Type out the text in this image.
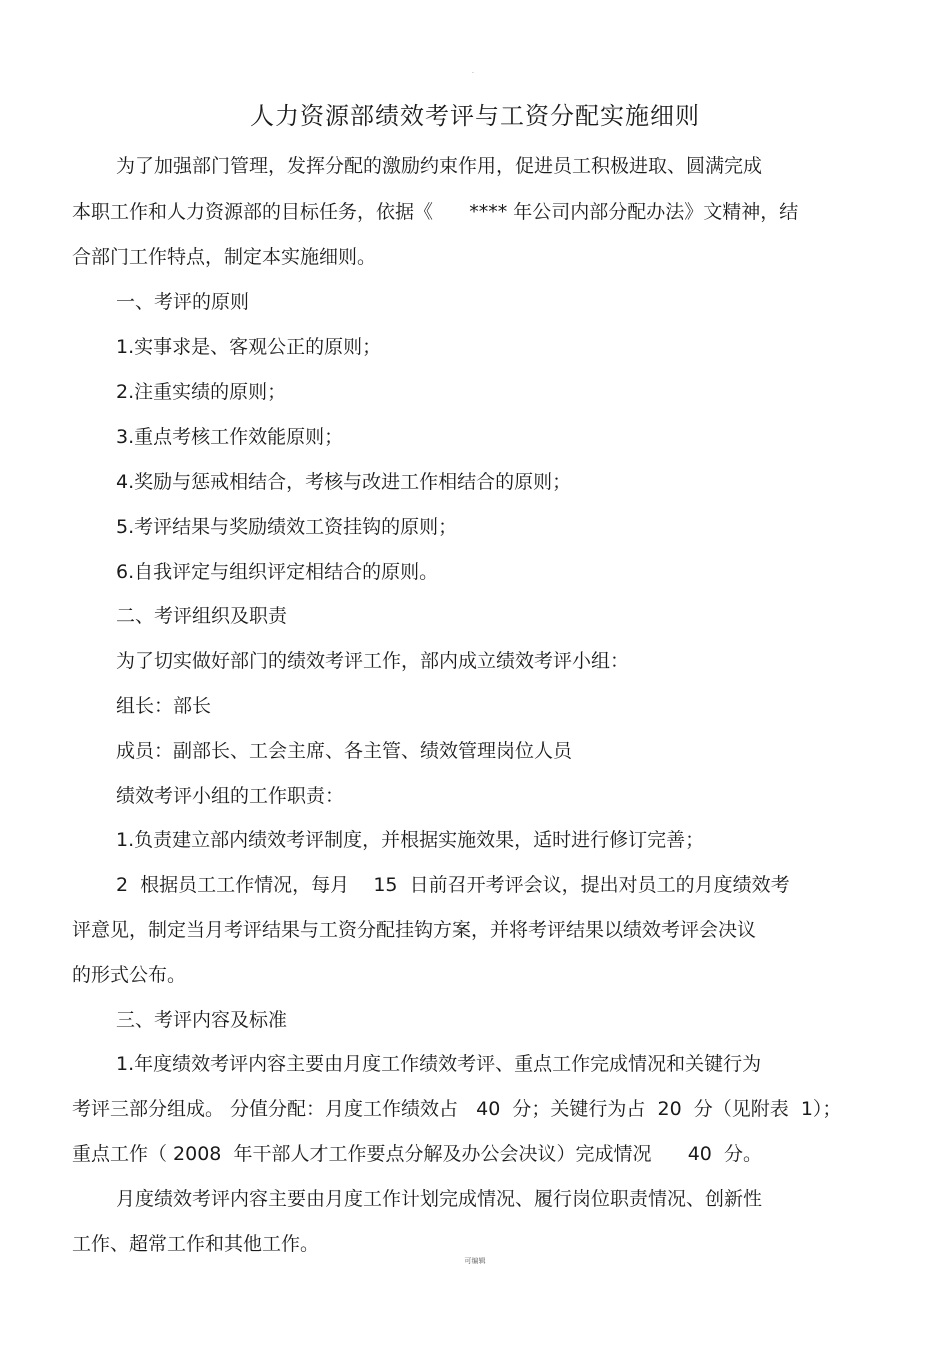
.
人力资源部绩效考评与工资分配实施细则
为了加强部门管理，发挥分配的激励约束作用，促进员工积极进取、圆满完成
本职工作和人力资源部的目标任务，依据《      **** 年公司内部分配办法》文精神，结
合部门工作特点，制定本实施细则。
一、考评的原则
1.实事求是、客观公正的原则；
2.注重实绩的原则；
3.重点考核工作效能原则；
4.奖励与惩戒相结合，考核与改进工作相结合的原则；
5.考评结果与奖励绩效工资挂钩的原则；
6.自我评定与组织评定相结合的原则。
二、考评组织及职责
为了切实做好部门的绩效考评工作，部内成立绩效考评小组：
组长：部长
成员：副部长、工会主席、各主管、绩效管理岗位人员
绩效考评小组的工作职责：
1.负责建立部内绩效考评制度，并根据实施效果，适时进行修订完善；
2  根据员工工作情况，每月    15  日前召开考评会议，提出对员工的月度绩效考
评意见，制定当月考评结果与工资分配挂钩方案，并将考评结果以绩效考评会决议
的形式公布。
三、考评内容及标准
1.年度绩效考评内容主要由月度工作绩效考评、重点工作完成情况和关键行为
考评三部分组成。 分值分配：月度工作绩效占   40  分；关键行为占  20  分（见附表  1）；
重点工作（ 2008  年干部人才工作要点分解及办公会决议）完成情况      40  分。
月度绩效考评内容主要由月度工作计划完成情况、履行岗位职责情况、创新性
工作、超常工作和其他工作。
可编辑
